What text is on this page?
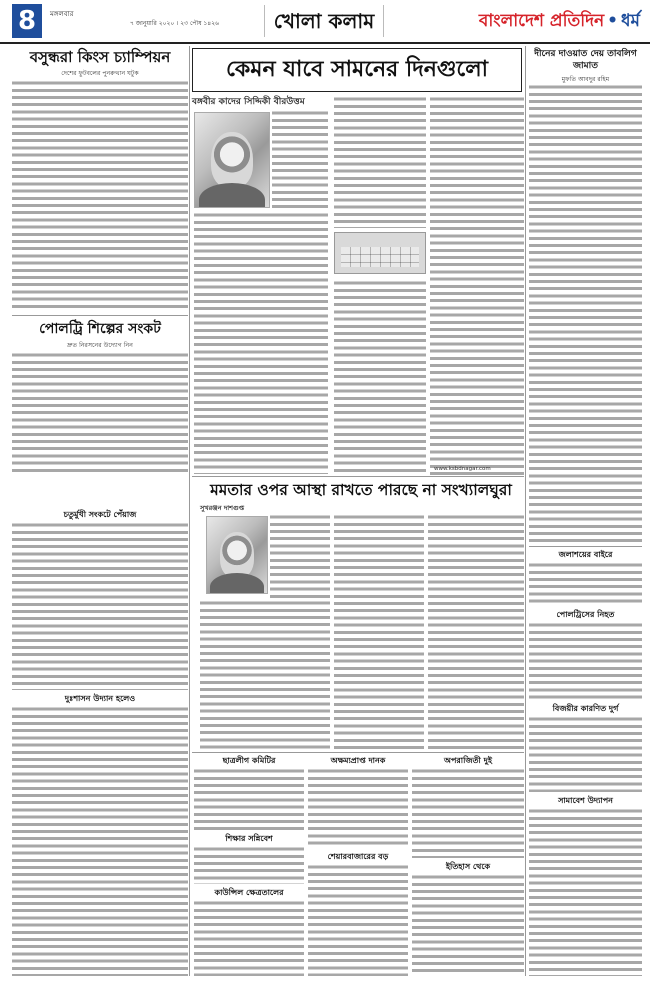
8	মঙ্গলবার
৭ জানুয়ারি ২০২০ । ২৩ পৌষ ১৪২৬	খোলা কলাম	বাংলাদেশ প্রতিদিন • ধর্ম
বসুন্ধরা কিংস চ্যাম্পিয়ন
দেশের ফুটবলের পুনরুত্থান ঘটুক
পোলট্রি শিল্পের সংকট
দ্রুত নিরসনের উদ্যোগ নিন
কেমন যাবে সামনের দিনগুলো
বঙ্গবীর কাদের সিদ্দিকী বীরউত্তম
www.ksbdnagar.com
দীনের দাওয়াত দেয় তাবলিগ জামাত
মুফতি আবদুর রহিম
মমতার ওপর আস্থা রাখতে পারছে না সংখ্যালঘুরা
সুখরঞ্জন দাশগুপ্ত
চতুর্মুখী সংকটে পেঁয়াজ
দুঃশাসন উদ্যান হলেও
ছাত্রলীগ কমিটির
শিক্ষার সন্নিবেশ
কাউন্সিল ক্ষেত্রতালের
অক্ষম্যপ্রাপ্ত দানক
শেয়ারবাজারের বড়
অপরাজিতী দুই
ইতিহাস থেকে
জলাশয়ের বাইরে
পোলট্রিসের নিহত
বিজয়ীর কারণিত দুর্গ
সামাবেশ উদ্যাপন
